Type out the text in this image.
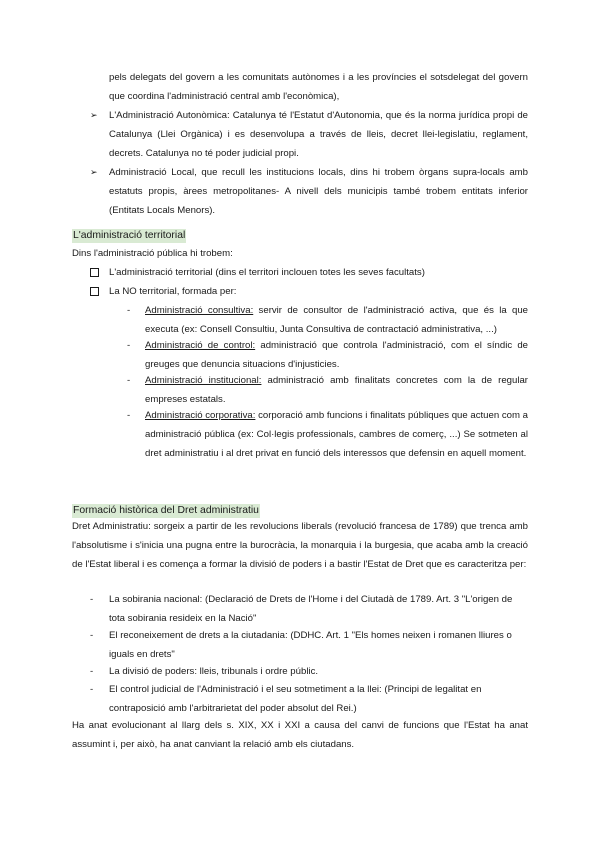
pels delegats del govern a les comunitats autònomes i a les províncies el sotsdelegat del govern que coordina l'administració central amb l'econòmica),

➢ L'Administració Autonòmica: Catalunya té l'Estatut d'Autonomia, que és la norma jurídica propi de Catalunya (Llei Orgànica) i es desenvolupa a través de lleis, decret llei-legislatiu, reglament, decrets. Catalunya no té poder judicial propi.

➢ Administració Local, que recull les institucions locals, dins hi trobem òrgans supra-locals amb estatuts propis, àrees metropolitanes- A nivell dels municipis també trobem entitats inferior (Entitats Locals Menors).

L'administració territorial

Dins l'administració pública hi trobem:

L'administració territorial (dins el territori inclouen totes les seves facultats)
La NO territorial, formada per:
- Administració consultiva: servir de consultor de l'administració activa, que és la que executa (ex: Consell Consultiu, Junta Consultiva de contractació administrativa, ...)

- Administració de control: administració que controla l'administració, com el síndic de greuges que denuncia situacions d'injusticies.

- Administració institucional: administració amb finalitats concretes com la de regular empreses estatals.

- Administració corporativa: corporació amb funcions i finalitats públiques que actuen com a administració pública (ex: Col·legis professionals, cambres de comerç, ...) Se sotmeten al dret administratiu i al dret privat en funció dels interessos que defensin en aquell moment.

Formació històrica del Dret administratiu

Dret Administratiu: sorgeix a partir de les revolucions liberals (revolució francesa de 1789) que trenca amb l'absolutisme i s'inicia una pugna entre la burocràcia, la monarquia i la burgesia, que acaba amb la creació de l'Estat liberal i es comença a formar la divisió de poders i a bastir l'Estat de Dret que es caracteritza per:

- La sobirania nacional: (Declaració de Drets de l'Home i del Ciutadà de 1789. Art. 3 "L'origen de tota sobirania resideix en la Nació"

- El reconeixement de drets a la ciutadania: (DDHC. Art. 1 "Els homes neixen i romanen lliures o iguals en drets"

- La divisió de poders: lleis, tribunals i ordre públic.

- El control judicial de l'Administració i el seu sotmetiment a la llei: (Principi de legalitat en contraposició amb l'arbitrarietat del poder absolut del Rei.)

Ha anat evolucionant al llarg dels s. XIX, XX i XXI a causa del canvi de funcions que l'Estat ha anat assumint i, per això, ha anat canviant la relació amb els ciutadans.
